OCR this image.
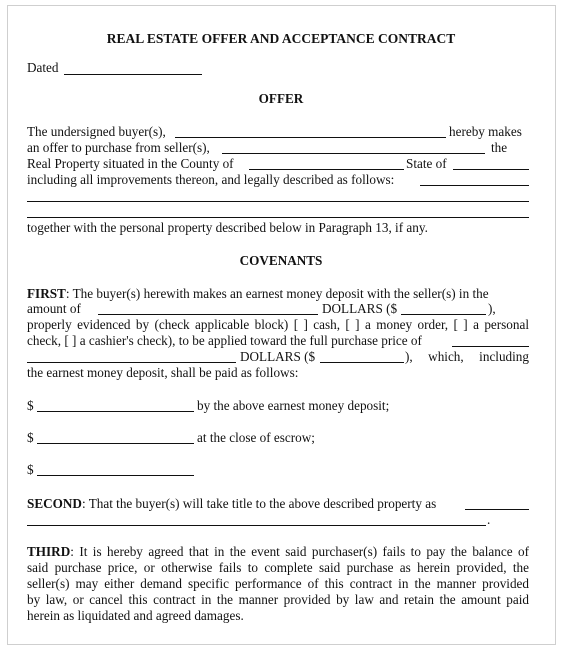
REAL ESTATE OFFER AND ACCEPTANCE CONTRACT
Dated
OFFER
The undersigned buyer(s),	hereby makes
an offer to purchase from seller(s),	the
Real Property situated in the County of	State of
including all improvements thereon, and legally described as follows:
together with the personal property described below in Paragraph 13, if any.
COVENANTS
FIRST: The buyer(s) herewith makes an earnest money deposit with the seller(s) in the
amount of	DOLLARS ($	),
properly evidenced by (check applicable block) [ ] cash, [ ] a money order, [ ] a personal
check, [ ] a cashier's check), to be applied toward the full purchase price of
DOLLARS ($	), which, including
the earnest money deposit, shall be paid as follows:
$	by the above earnest money deposit;
$	at the close of escrow;
$
SECOND: That the buyer(s) will take title to the above described property as
.
THIRD: It is hereby agreed that in the event said purchaser(s) fails to pay the balance of
said purchase price, or otherwise fails to complete said purchase as herein provided, the
seller(s) may either demand specific performance of this contract in the manner provided
by law, or cancel this contract in the manner provided by law and retain the amount paid
herein as liquidated and agreed damages.
